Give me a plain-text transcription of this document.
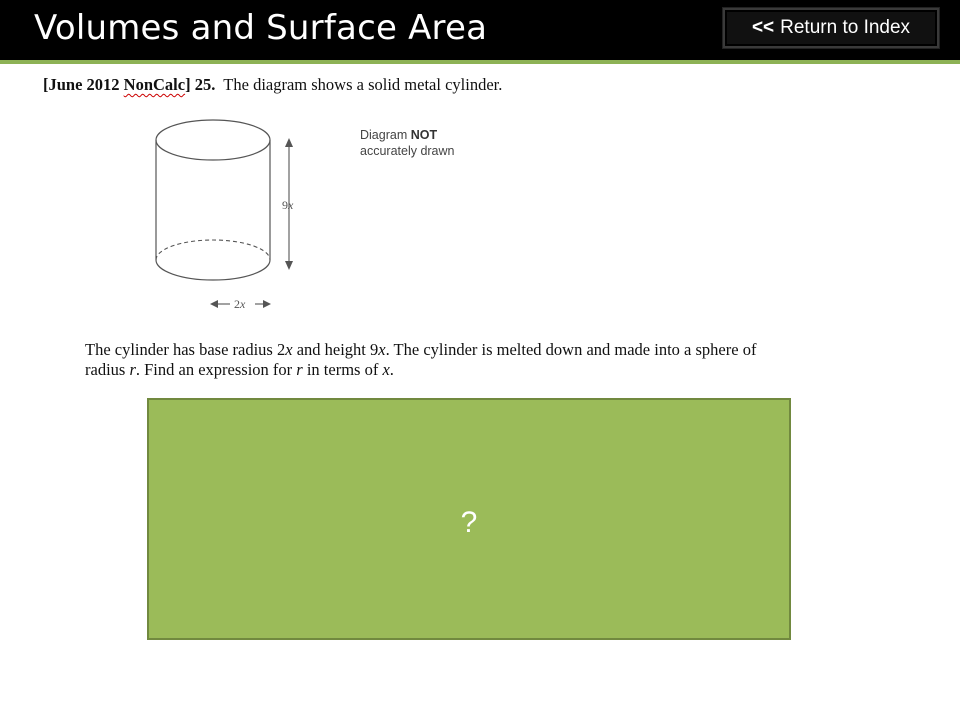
Volumes and Surface Area	<< Return to Index
[June 2012 NonCalc] 25. The diagram shows a solid metal cylinder.
9x
2x
Diagram NOT
accurately drawn
The cylinder has base radius 2x and height 9x. The cylinder is melted down and made into a sphere of radius r. Find an expression for r in terms of x.
?
